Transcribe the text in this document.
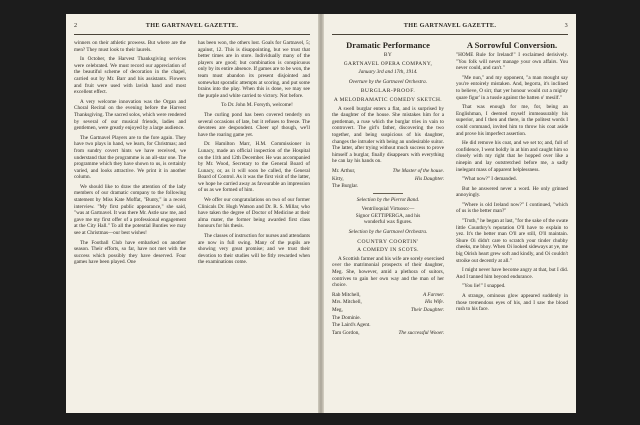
2	THE GARTNAVEL GAZETTE.

winners on their athletic prowess. But where are the men? They must look to their laurels.

In October, the Harvest Thanksgiving services were celebrated. We must record our appreciation of the beautiful scheme of decoration in the chapel, carried out by Mr. Barr and his assistants. Flowers and fruit were used with lavish hand and most excellent effect.

A very welcome innovation was the Organ and Choral Recital on the evening before the Harvest Thanksgiving. The sacred solos, which were rendered by several of our musical friends, ladies and gentlemen, were greatly enjoyed by a large audience.

The Gartnavel Players are to the fore again. They have two plays in hand, we learn, for Christmas; and from sundry covert hints we have received, we understand that the programme is an all-star one. The programme which they have shown to us, is certainly varied, and looks attractive. We print it in another column.

We should like to draw the attention of the lady members of our dramatic company to the following statement by Miss Kate Moffat, "Bunty," in a recent interview. "My first public appearance," she said, "was at Gartnavel. It was there Mr. Astle saw me, and gave me my first offer of a professional engagement at the City Hall." To all the potential Bunties we may see at Christmas—our best wishes!

The Football Club have embarked on another season. Their efforts, so far, have not met with the success which possibly they have deserved. Four games have been played. One

has been won, the others lost. Goals for Gartnavel, 5; against, 12. This is disappointing, but we trust that better times are in store. Individually many of the players are good; but combination is conspicuous only by its entire absence. If games are to be won, the team must abandon its present disjointed and somewhat sporadic attempts at scoring, and put some brains into the play. When this is done, we may see the purple and white carried to victory. Not before.

To Dr. John M. Forsyth, welcome!

The curling pond has been covered tenderly on several occasions of late, but it refuses to freeze. The devotees are despondent. Cheer up! though, we'll have the roaring game yet.

Dr. Hamilton Marr, H.M. Commissioner in Lunacy, made an official inspection of the Hospital on the 11th and 12th December. He was accompanied by Mr. Wood, Secretary to the General Board of Lunacy, or, as it will soon be called, the General Board of Control. As it was the first visit of the latter, we hope he carried away as favourable an impression of us as we formed of him.

We offer our congratulations on two of our former Clinicals Dr. Hugh Watson and Dr. R. S. Millar, who have taken the degree of Doctor of Medicine at their alma mater, the former being awarded first class honours for his thesis.

The classes of instruction for nurses and attendants are now in full swing. Many of the pupils are showing very great promise; and we trust their devotion to their studies will be fitly rewarded when the examinations come.

THE GARTNAVEL GAZETTE.	3
Dramatic Performance
BY
GARTNAVEL OPERA COMPANY,
January 3rd and 17th, 1914.
Overture by the Gartnavel Orchestra.
BURGLAR-PROOF.
A MELODRAMATIC COMEDY SKETCH.

A swell burglar enters a flat, and is surprised by the daughter of the house. She mistakes him for a gentleman, a ruse which the burglar tries in vain to controvert. The girl's father, discovering the two together, and being suspicious of his daughter, changes the intruder with being an undesirable suitor. The latter, after trying without much success to prove himself a burglar, finally disappears with everything he can lay his hands on.

Mr. Arthur,	The Master of the house.
Kitty,	His Daughter.
The Burglar.
Selection by the Pierrot Band.
Ventriloquial Virtuoso:—
Signor GETTIPERGA, and his
wonderful wax figures.
Selection by the Gartnavel Orchestra.
COUNTRY COORTIN'
A COMEDY IN SCOTS.

A Scottish farmer and his wife are sorely exercised over the matrimonial prospects of their daughter, Meg. She, however, amid a plethora of suitors, contrives to gain her own way and the man of her choice.

Rab Mitchell,	A Farmer.
Mrs. Mitchell,	His Wife.
Meg,	Their Daughter.
The Dominie.
The Laird's Agent.
Tam Gordon,	The successful Wooer.
A Sorrowful Conversion.

"HOME Rule for Ireland!" I exclaimed derisively. "You folk will never manage your own affairs. You never could, and can't."

"Me nun," and my opponent, "a man mought say you're entoirely mistaken. And, begorra, it's inclined to believe, O sirr, that yer honour would cut a mighty quare figur' in a tussle against the batten o' mesilf."

That was enough for me, for, being an Englishman, I deemed myself immeasurably his superior, and I then and there, in the politest words I could command, invited him to throw his coat aside and prove his imperfect assertion.

He did remove his coat, and we set to; and, full of confidence, I went boldly in at him and caught him so closely with my right that he hopped over like a ninepin and lay outstretched before me, a sadly inelegant mass of apparent helplessness.

"What now?" I demanded.

But he answered never a word. He only grinned annoyingly.

"Where is old Ireland now?" I continued, "which of us is the better man?"

"Truth," he began at last, "for the sake of the swate little Counthry's reputation O'll have to explain to yez. It's the better man O'll are still, O'll maintain. Shure Oi didn't care to scratch your tinder chubby cheeks, me bhoy. When Oi looked sideways at ye, me big Oirish heart grew soft and kindly, and Oi couldn't stroike out decently at all."

I might never have become angry at that, but I did. And I tanned him beyond endurance.

"You lie!" I snapped.

A strange, ominous glow appeared suddenly in those tremendous eyes of his, and I saw the blood rush to his face.
